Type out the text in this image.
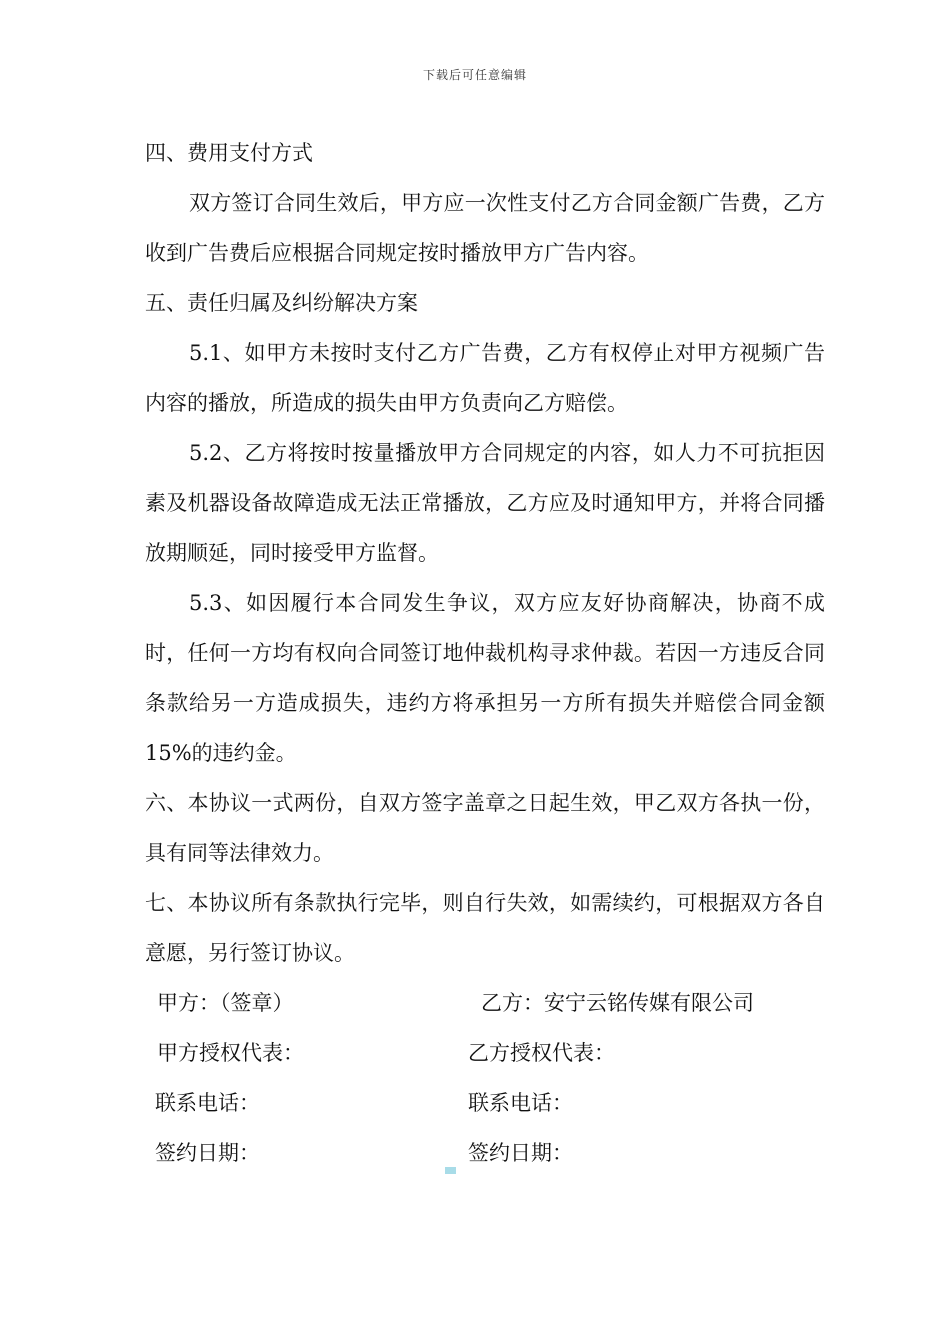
下载后可任意编辑

四、费用支付方式

双方签订合同生效后，甲方应一次性支付乙方合同金额广告费，乙方收到广告费后应根据合同规定按时播放甲方广告内容。

五、责任归属及纠纷解决方案

5.1、如甲方未按时支付乙方广告费，乙方有权停止对甲方视频广告内容的播放，所造成的损失由甲方负责向乙方赔偿。

5.2、乙方将按时按量播放甲方合同规定的内容，如人力不可抗拒因素及机器设备故障造成无法正常播放，乙方应及时通知甲方，并将合同播放期顺延，同时接受甲方监督。

5.3、如因履行本合同发生争议，双方应友好协商解决，协商不成时，任何一方均有权向合同签订地仲裁机构寻求仲裁。若因一方违反合同条款给另一方造成损失，违约方将承担另一方所有损失并赔偿合同金额15%的违约金。

六、本协议一式两份，自双方签字盖章之日起生效，甲乙双方各执一份，具有同等法律效力。

七、本协议所有条款执行完毕，则自行失效，如需续约，可根据双方各自意愿，另行签订协议。

甲方：（签章）	乙方：安宁云铭传媒有限公司
甲方授权代表：	乙方授权代表：
联系电话：	联系电话：
签约日期：	签约日期：
